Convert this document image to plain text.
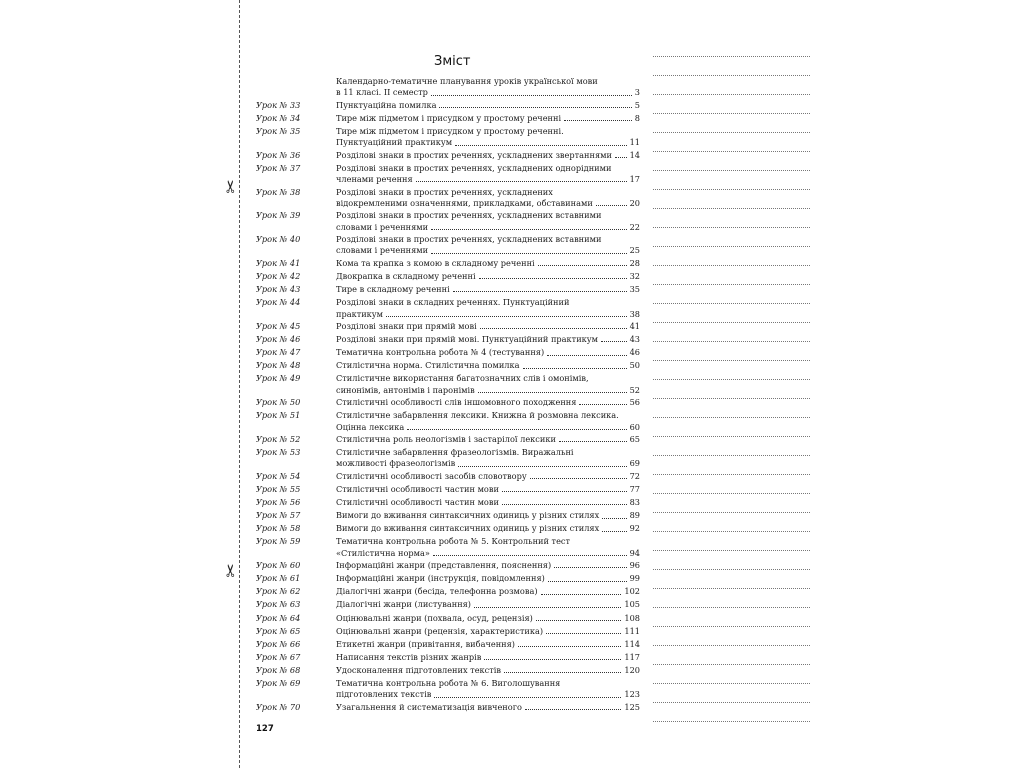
✂
✂
Зміст
Календарно-тематичне планування уроків української мови
в 11 класі. ІІ семестр	3
Урок № 33	Пунктуаційна помилка	5
Урок № 34	Тире між підметом і присудком у простому реченні	8
Урок № 35	Тире між підметом і присудком у простому реченні.
Пунктуаційний практикум	11
Урок № 36	Розділові знаки в простих реченнях, ускладнених звертаннями 14
Урок № 37	Розділові знаки в простих реченнях, ускладнених однорідними
членами речення	17
Урок № 38	Розділові знаки в простих реченнях, ускладнених
відокремленими означеннями, прикладками, обставинами	20
Урок № 39	Розділові знаки в простих реченнях, ускладнених вставними
словами і реченнями	22
Урок № 40	Розділові знаки в простих реченнях, ускладнених вставними
словами і реченнями	25
Урок № 41	Кома та крапка з комою в складному реченні	28
Урок № 42	Двокрапка в складному реченні	32
Урок № 43	Тире в складному реченні	35
Урок № 44	Розділові знаки в складних реченнях. Пунктуаційний
практикум	38
Урок № 45	Розділові знаки при прямій мові	41
Урок № 46	Розділові знаки при прямій мові. Пунктуаційний практикум	43
Урок № 47	Тематична контрольна робота № 4 (тестування)	46
Урок № 48	Стилістична норма. Стилістична помилка	50
Урок № 49	Стилістичне використання багатозначних слів і омонімів,
синонімів, антонімів і паронімів	52
Урок № 50	Стилістичні особливості слів іншомовного походження	56
Урок № 51	Стилістичне забарвлення лексики. Книжна й розмовна лексика.
Оцінна лексика	60
Урок № 52	Стилістична роль неологізмів і застарілої лексики	65
Урок № 53	Стилістичне забарвлення фразеологізмів. Виражальні
можливості фразеологізмів	69
Урок № 54	Стилістичні особливості засобів словотвору	72
Урок № 55	Стилістичні особливості частин мови	77
Урок № 56	Стилістичні особливості частин мови	83
Урок № 57	Вимоги до вживання синтаксичних одиниць у різних стилях	89
Урок № 58	Вимоги до вживання синтаксичних одиниць у різних стилях	92
Урок № 59	Тематична контрольна робота № 5. Контрольний тест
«Стилістична норма»	94
Урок № 60	Інформаційні жанри (представлення, пояснення)	96
Урок № 61	Інформаційні жанри (інструкція, повідомлення)	99
Урок № 62	Діалогічні жанри (бесіда, телефонна розмова)	102
Урок № 63	Діалогічні жанри (листування)	105
Урок № 64	Оцінювальні жанри (похвала, осуд, рецензія)	108
Урок № 65	Оцінювальні жанри (рецензія, характеристика)	111
Урок № 66	Етикетні жанри (привітання, вибачення)	114
Урок № 67	Написання текстів різних жанрів	117
Урок № 68	Удосконалення підготовлених текстів	120
Урок № 69	Тематична контрольна робота № 6. Виголошування
підготовлених текстів	123
Урок № 70	Узагальнення й систематизація вивченого	125
127
